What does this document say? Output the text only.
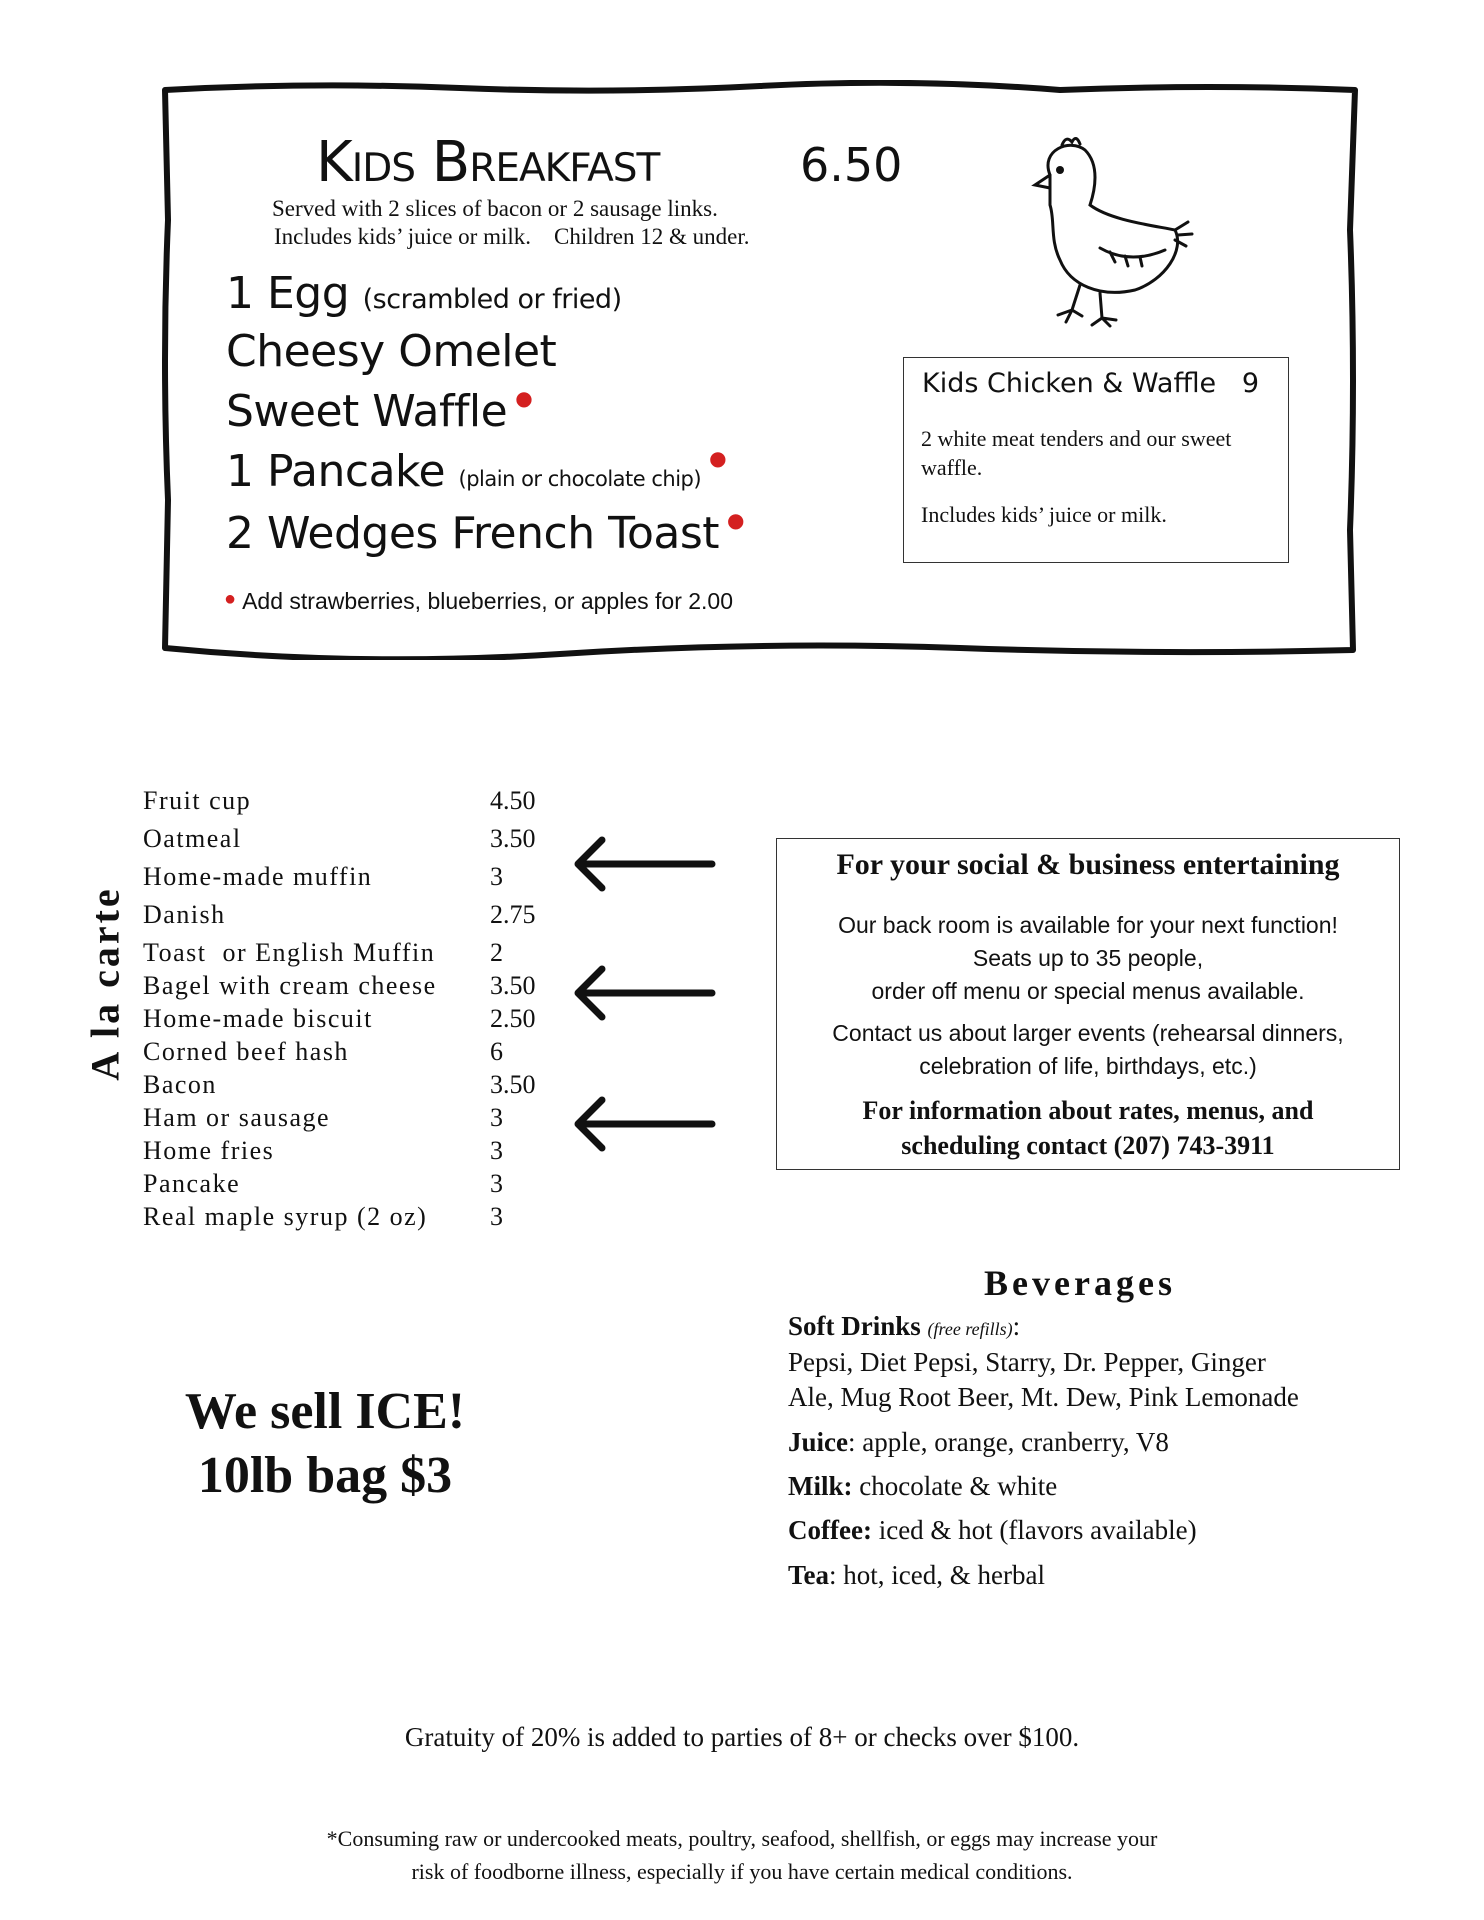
Kids Breakfast	6.50
Served with 2 slices of bacon or 2 sausage links.
Includes kids’ juice or milk.    Children 12 & under.
1 Egg (scrambled or fried)
Cheesy Omelet
Sweet Waffle ●
1 Pancake (plain or chocolate chip)●
2 Wedges French Toast ●
● Add strawberries, blueberries, or apples for 2.00
Kids Chicken & Waffle 9
2 white meat tenders and our sweet waffle.
Includes kids’ juice or milk.
A la carte
Fruit cup	4.50
Oatmeal	3.50
Home-made muffin	3
Danish	2.75
Toast  or English Muffin 2
Bagel with cream cheese 3.50
Home-made biscuit	2.50
Corned beef hash	6
Bacon	3.50
Ham or sausage	3
Home fries	3
Pancake	3
Real maple syrup (2 oz) 3
For your social & business entertaining
Our back room is available for your next function!
Seats up to 35 people,
order off menu or special menus available.
Contact us about larger events (rehearsal dinners,
celebration of life, birthdays, etc.)
For information about rates, menus, and
scheduling contact (207) 743-3911
We sell ICE!
10lb bag $3
Beverages
Soft Drinks (free refills):
Pepsi, Diet Pepsi, Starry, Dr. Pepper, Ginger
Ale, Mug Root Beer, Mt. Dew, Pink Lemonade
Juice: apple, orange, cranberry, V8
Milk: chocolate & white
Coffee: iced & hot (flavors available)
Tea: hot, iced, & herbal
Gratuity of 20% is added to parties of 8+ or checks over $100.
*Consuming raw or undercooked meats, poultry, seafood, shellfish, or eggs may increase your
risk of foodborne illness, especially if you have certain medical conditions.
